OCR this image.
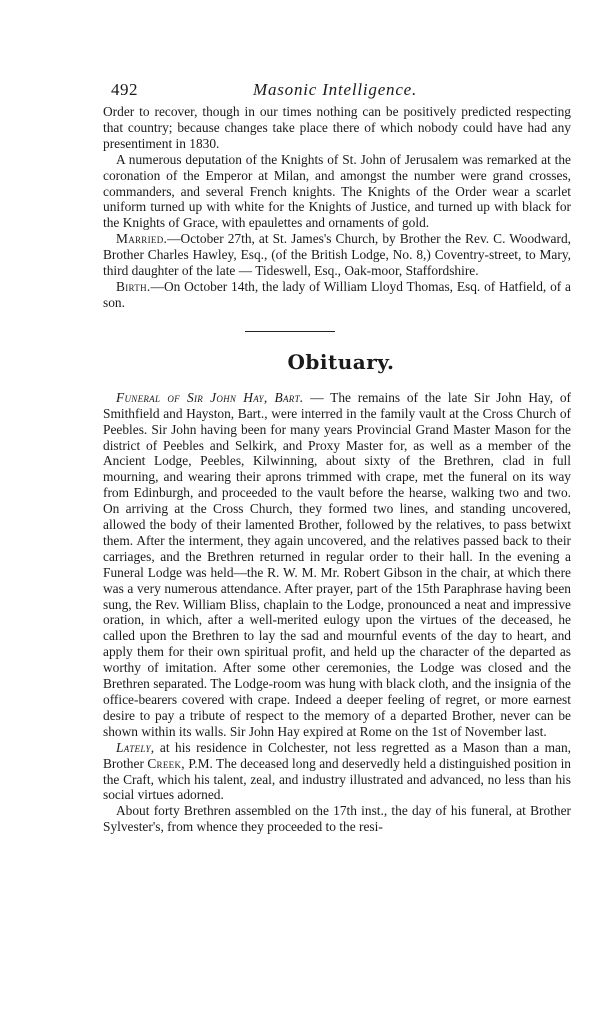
492	Masonic Intelligence.

Order to recover, though in our times nothing can be positively predicted respecting that country; because changes take place there of which nobody could have had any presentiment in 1830.

A numerous deputation of the Knights of St. John of Jerusalem was remarked at the coronation of the Emperor at Milan, and amongst the number were grand crosses, commanders, and several French knights. The Knights of the Order wear a scarlet uniform turned up with white for the Knights of Justice, and turned up with black for the Knights of Grace, with epaulettes and ornaments of gold.

Married.—October 27th, at St. James's Church, by Brother the Rev. C. Woodward, Brother Charles Hawley, Esq., (of the British Lodge, No. 8,) Coventry-street, to Mary, third daughter of the late — Tideswell, Esq., Oak-moor, Staffordshire.

Birth.—On October 14th, the lady of William Lloyd Thomas, Esq. of Hatfield, of a son.

Obituary.

Funeral of Sir John Hay, Bart. — The remains of the late Sir John Hay, of Smithfield and Hayston, Bart., were interred in the family vault at the Cross Church of Peebles. Sir John having been for many years Provincial Grand Master Mason for the district of Peebles and Selkirk, and Proxy Master for, as well as a member of the Ancient Lodge, Peebles, Kilwinning, about sixty of the Brethren, clad in full mourning, and wearing their aprons trimmed with crape, met the funeral on its way from Edinburgh, and proceeded to the vault before the hearse, walking two and two. On arriving at the Cross Church, they formed two lines, and standing uncovered, allowed the body of their lamented Brother, followed by the relatives, to pass betwixt them. After the interment, they again uncovered, and the relatives passed back to their carriages, and the Brethren returned in regular order to their hall. In the evening a Funeral Lodge was held—the R. W. M. Mr. Robert Gibson in the chair, at which there was a very numerous attendance. After prayer, part of the 15th Paraphrase having been sung, the Rev. William Bliss, chaplain to the Lodge, pronounced a neat and impressive oration, in which, after a well-merited eulogy upon the virtues of the deceased, he called upon the Brethren to lay the sad and mournful events of the day to heart, and apply them for their own spiritual profit, and held up the character of the departed as worthy of imitation. After some other ceremonies, the Lodge was closed and the Brethren separated. The Lodge-room was hung with black cloth, and the insignia of the office-bearers covered with crape. Indeed a deeper feeling of regret, or more earnest desire to pay a tribute of respect to the memory of a departed Brother, never can be shown within its walls. Sir John Hay expired at Rome on the 1st of November last.

Lately, at his residence in Colchester, not less regretted as a Mason than a man, Brother Creek, P.M. The deceased long and deservedly held a distinguished position in the Craft, which his talent, zeal, and industry illustrated and advanced, no less than his social virtues adorned.

About forty Brethren assembled on the 17th inst., the day of his funeral, at Brother Sylvester's, from whence they proceeded to the resi-
